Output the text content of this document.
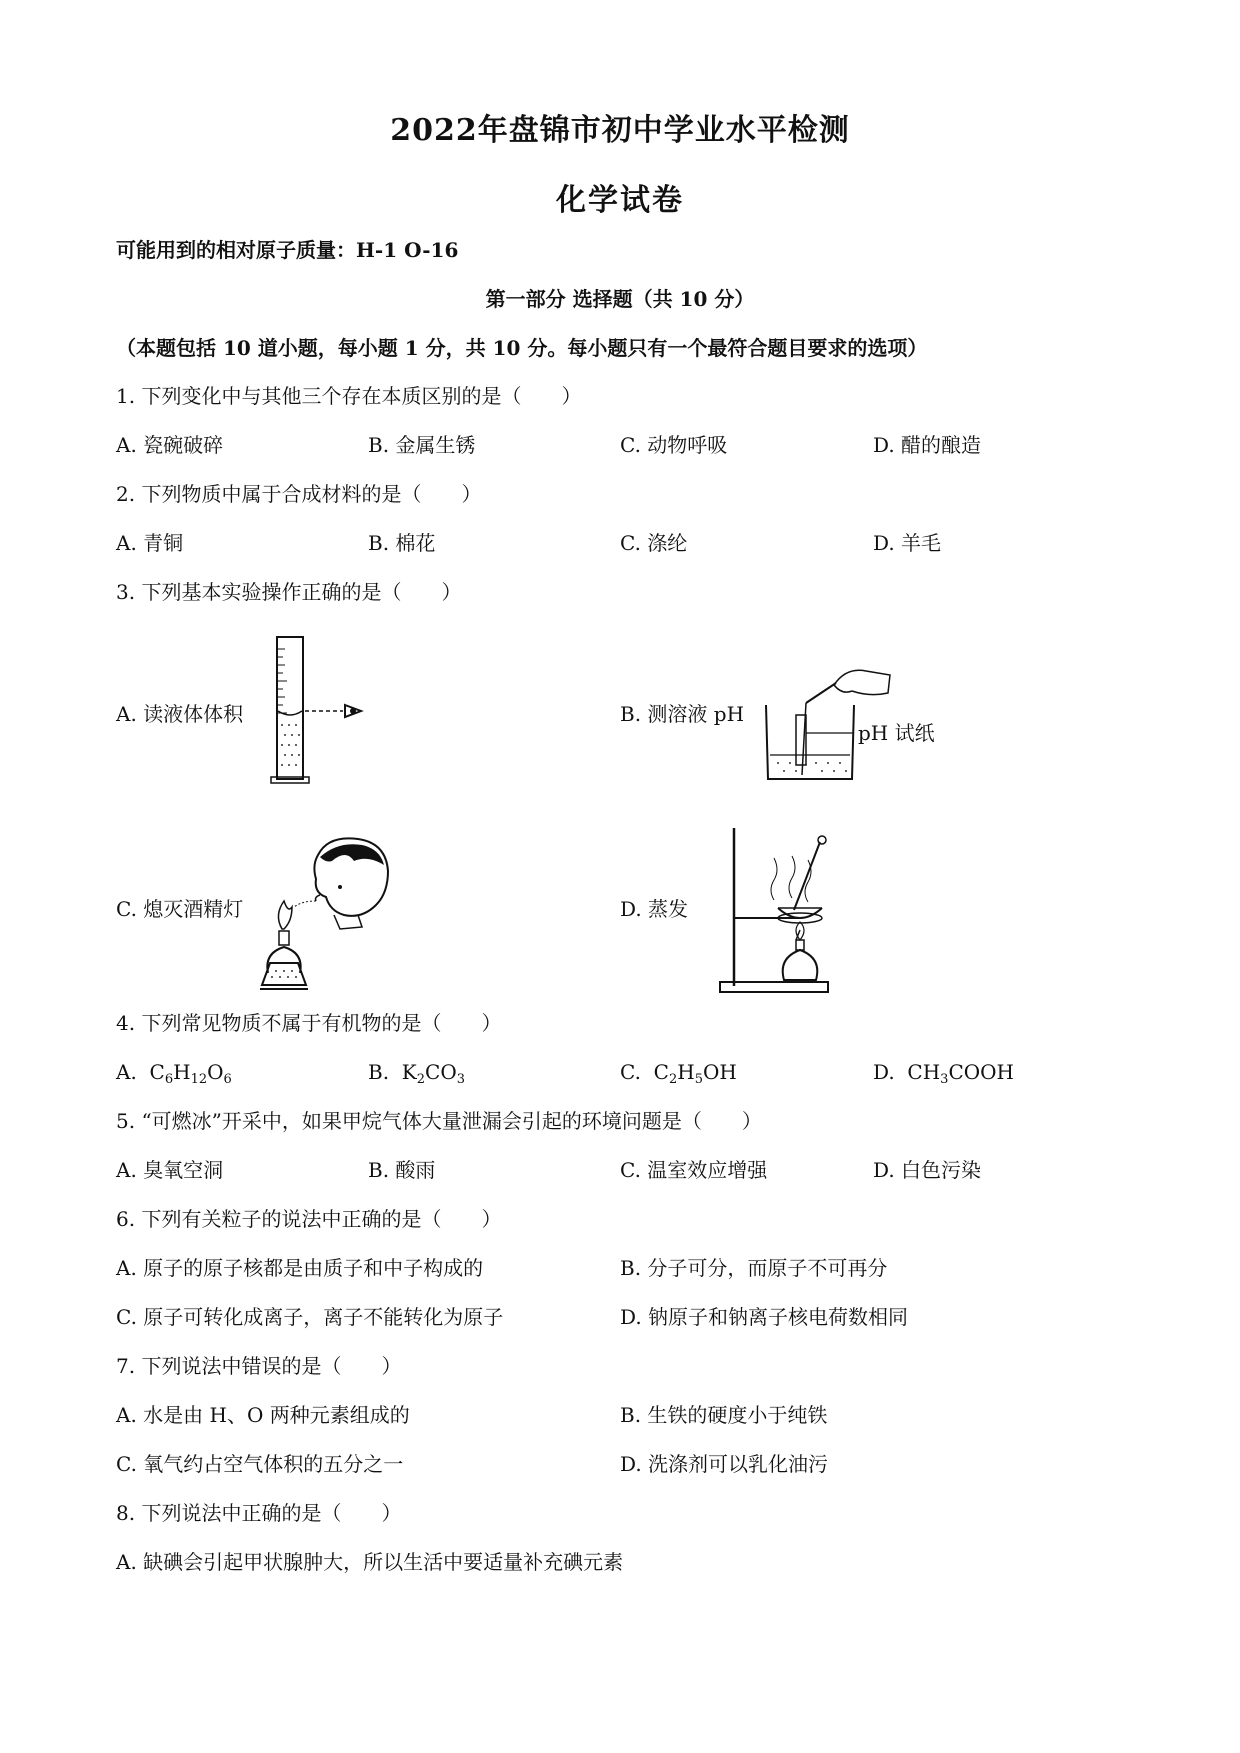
2022年盘锦市初中学业水平检测
化学试卷
可能用到的相对原子质量：H-1 O-16
第一部分 选择题（共 10 分）
（本题包括 10 道小题，每小题 1 分，共 10 分。每小题只有一个最符合题目要求的选项）
1. 下列变化中与其他三个存在本质区别的是（　　）
A. 瓷碗破碎	B. 金属生锈	C. 动物呼吸	D. 醋的酿造
2. 下列物质中属于合成材料的是（　　）
A. 青铜	B. 棉花	C. 涤纶	D. 羊毛
3. 下列基本实验操作正确的是（　　）
A. 读液体体积	B. 测溶液 pH
pH 试纸
C. 熄灭酒精灯	D. 蒸发
4. 下列常见物质不属于有机物的是（　　）
A. $C_6H_{12}O_6$	B. $K_2CO_3$	C. $C_2H_5OH$	D. $CH_3COOH$
5. “可燃冰”开采中，如果甲烷气体大量泄漏会引起的环境问题是（　　）
A. 臭氧空洞	B. 酸雨	C. 温室效应增强	D. 白色污染
6. 下列有关粒子的说法中正确的是（　　）
A. 原子的原子核都是由质子和中子构成的	B. 分子可分，而原子不可再分
C. 原子可转化成离子，离子不能转化为原子	D. 钠原子和钠离子核电荷数相同
7. 下列说法中错误的是（　　）
A. 水是由 H、O 两种元素组成的	B. 生铁的硬度小于纯铁
C. 氧气约占空气体积的五分之一	D. 洗涤剂可以乳化油污
8. 下列说法中正确的是（　　）
A. 缺碘会引起甲状腺肿大，所以生活中要适量补充碘元素
